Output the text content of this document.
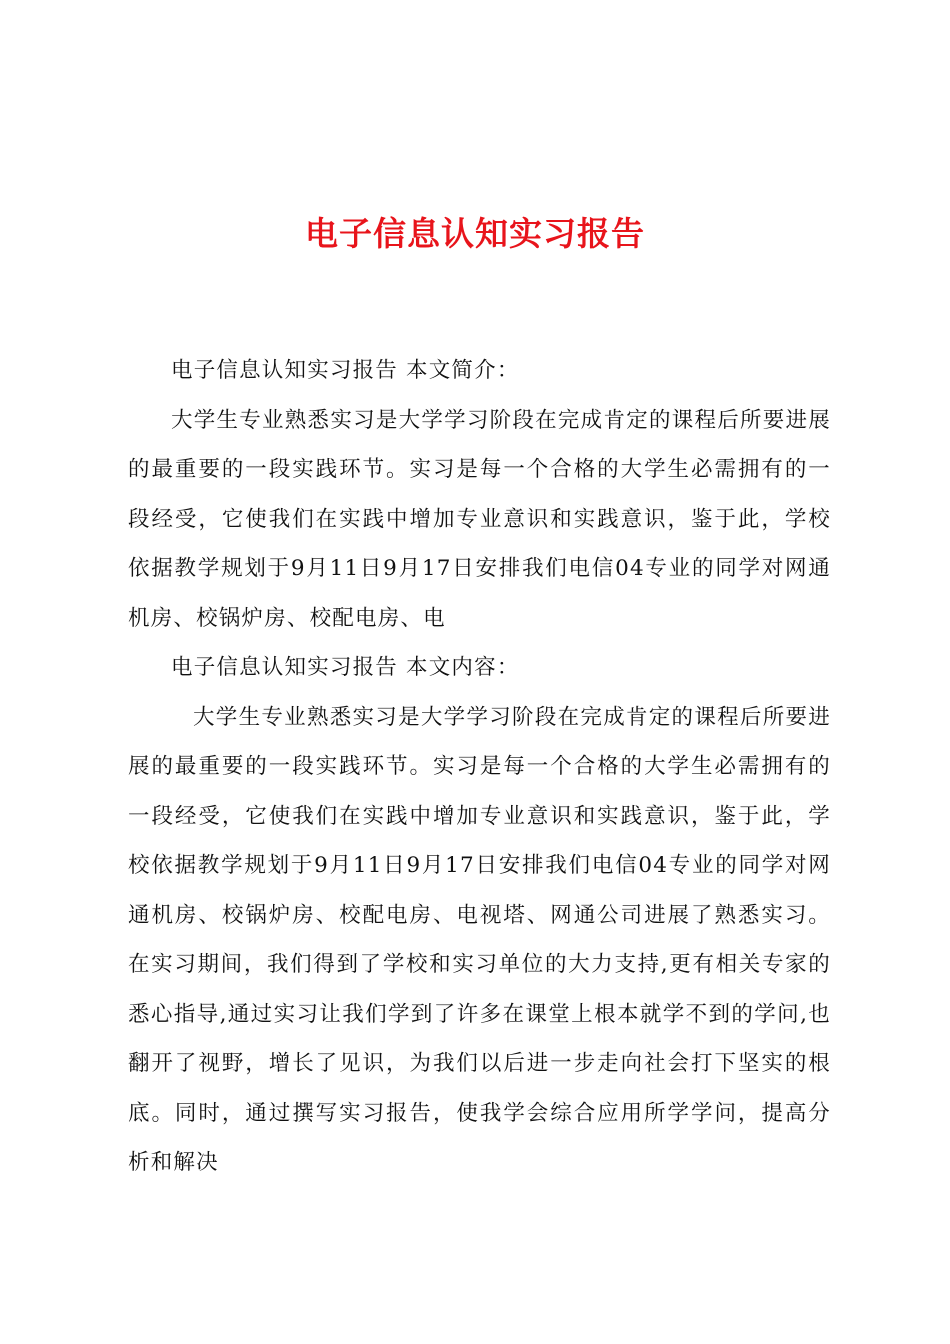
电子信息认知实习报告

电子信息认知实习报告 本文简介：

大学生专业熟悉实习是大学学习阶段在完成肯定的课程后所要进展的最重要的一段实践环节。实习是每一个合格的大学生必需拥有的一段经受，它使我们在实践中增加专业意识和实践意识，鉴于此，学校依据教学规划于9月11日9月17日安排我们电信04专业的同学对网通机房、校锅炉房、校配电房、电

电子信息认知实习报告 本文内容：

大学生专业熟悉实习是大学学习阶段在完成肯定的课程后所要进展的最重要的一段实践环节。实习是每一个合格的大学生必需拥有的一段经受，它使我们在实践中增加专业意识和实践意识，鉴于此，学校依据教学规划于9月11日9月17日安排我们电信04专业的同学对网通机房、校锅炉房、校配电房、电视塔、网通公司进展了熟悉实习。在实习期间，我们得到了学校和实习单位的大力支持,更有相关专家的悉心指导,通过实习让我们学到了许多在课堂上根本就学不到的学问,也翻开了视野，增长了见识，为我们以后进一步走向社会打下坚实的根底。同时，通过撰写实习报告，使我学会综合应用所学学问，提高分析和解决
